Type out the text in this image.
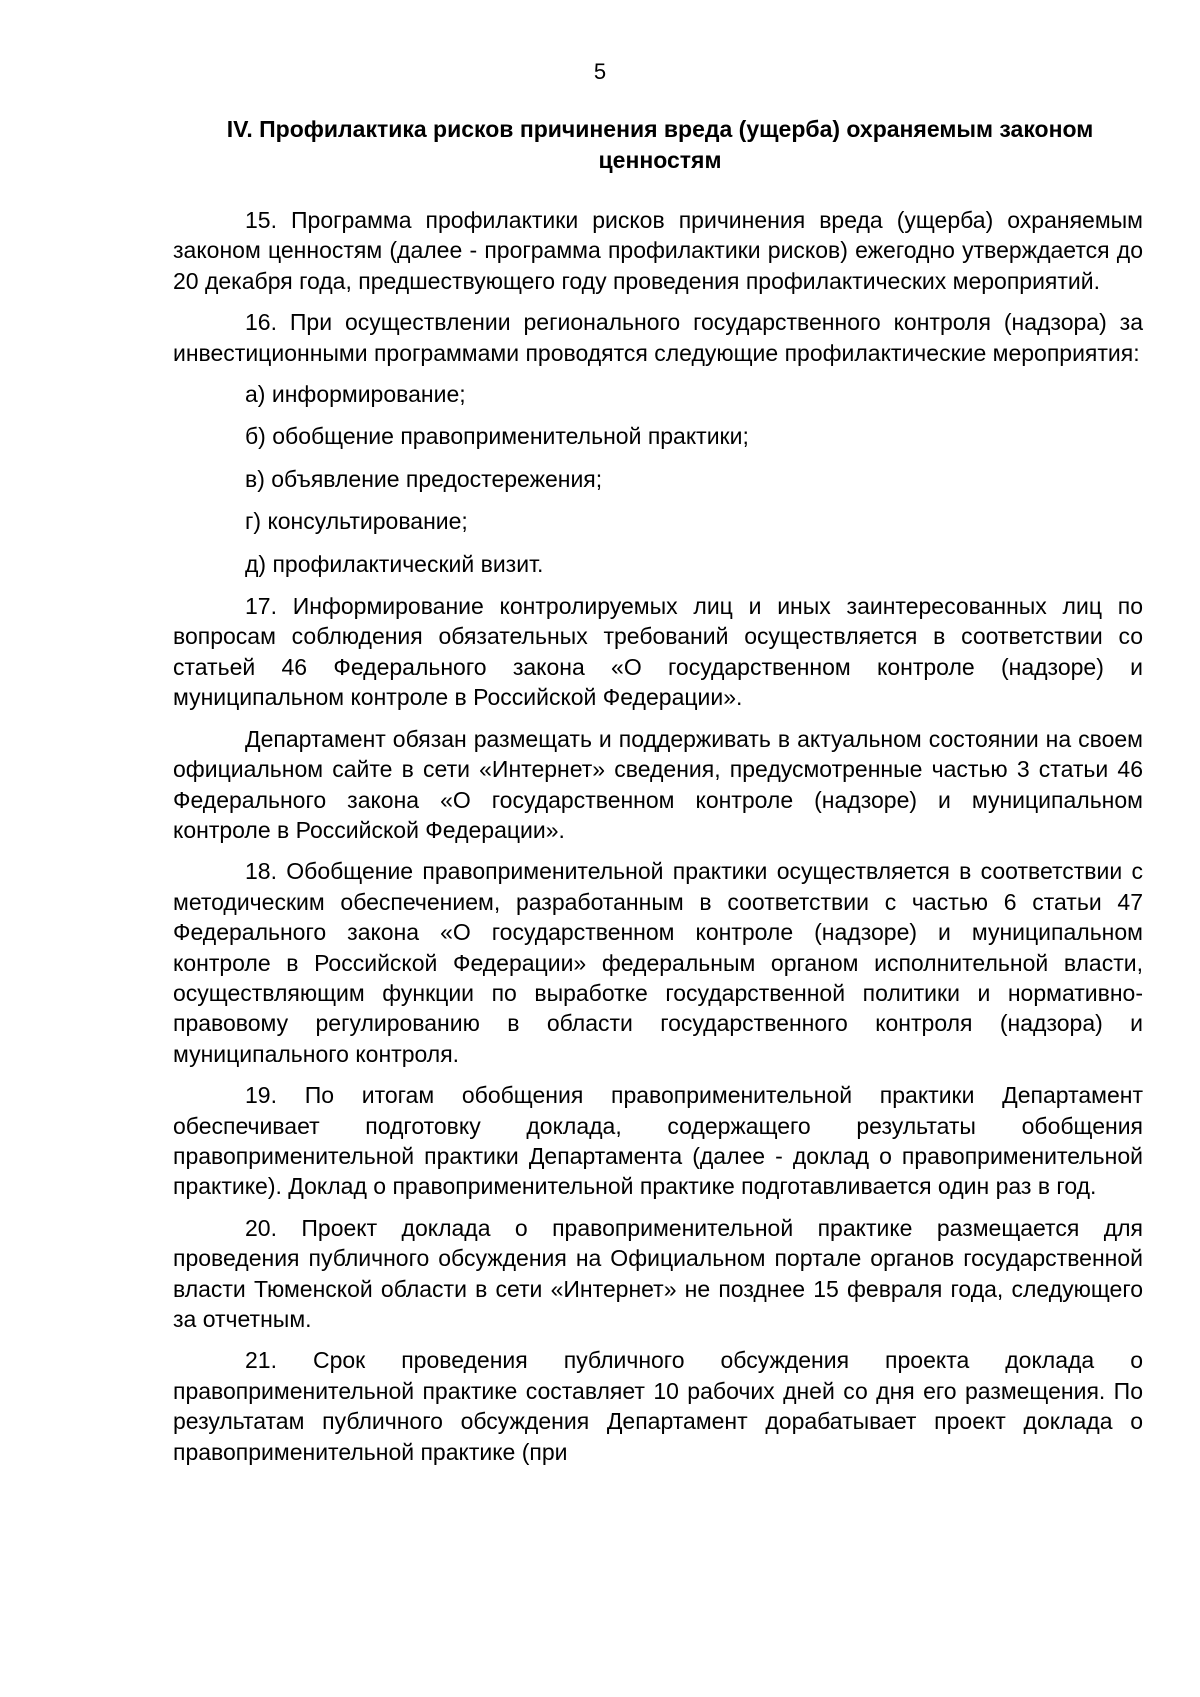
5
IV. Профилактика рисков причинения вреда (ущерба) охраняемым законом ценностям

15. Программа профилактики рисков причинения вреда (ущерба) охраняемым законом ценностям (далее - программа профилактики рисков) ежегодно утверждается до 20 декабря года, предшествующего году проведения профилактических мероприятий.

16. При осуществлении регионального государственного контроля (надзора) за инвестиционными программами проводятся следующие профилактические мероприятия:

а) информирование;
б) обобщение правоприменительной практики;
в) объявление предостережения;
г) консультирование;
д) профилактический визит.

17. Информирование контролируемых лиц и иных заинтересованных лиц по вопросам соблюдения обязательных требований осуществляется в соответствии со статьей 46 Федерального закона «О государственном контроле (надзоре) и муниципальном контроле в Российской Федерации».

Департамент обязан размещать и поддерживать в актуальном состоянии на своем официальном сайте в сети «Интернет» сведения, предусмотренные частью 3 статьи 46 Федерального закона «О государственном контроле (надзоре) и муниципальном контроле в Российской Федерации».

18. Обобщение правоприменительной практики осуществляется в соответствии с методическим обеспечением, разработанным в соответствии с частью 6 статьи 47 Федерального закона «О государственном контроле (надзоре) и муниципальном контроле в Российской Федерации» федеральным органом исполнительной власти, осуществляющим функции по выработке государственной политики и нормативно-правовому регулированию в области государственного контроля (надзора) и муниципального контроля.

19. По итогам обобщения правоприменительной практики Департамент обеспечивает подготовку доклада, содержащего результаты обобщения правоприменительной практики Департамента (далее - доклад о правоприменительной практике). Доклад о правоприменительной практике подготавливается один раз в год.

20. Проект доклада о правоприменительной практике размещается для проведения публичного обсуждения на Официальном портале органов государственной власти Тюменской области в сети «Интернет» не позднее 15 февраля года, следующего за отчетным.

21. Срок проведения публичного обсуждения проекта доклада о правоприменительной практике составляет 10 рабочих дней со дня его размещения. По результатам публичного обсуждения Департамент дорабатывает проект доклада о правоприменительной практике (при
